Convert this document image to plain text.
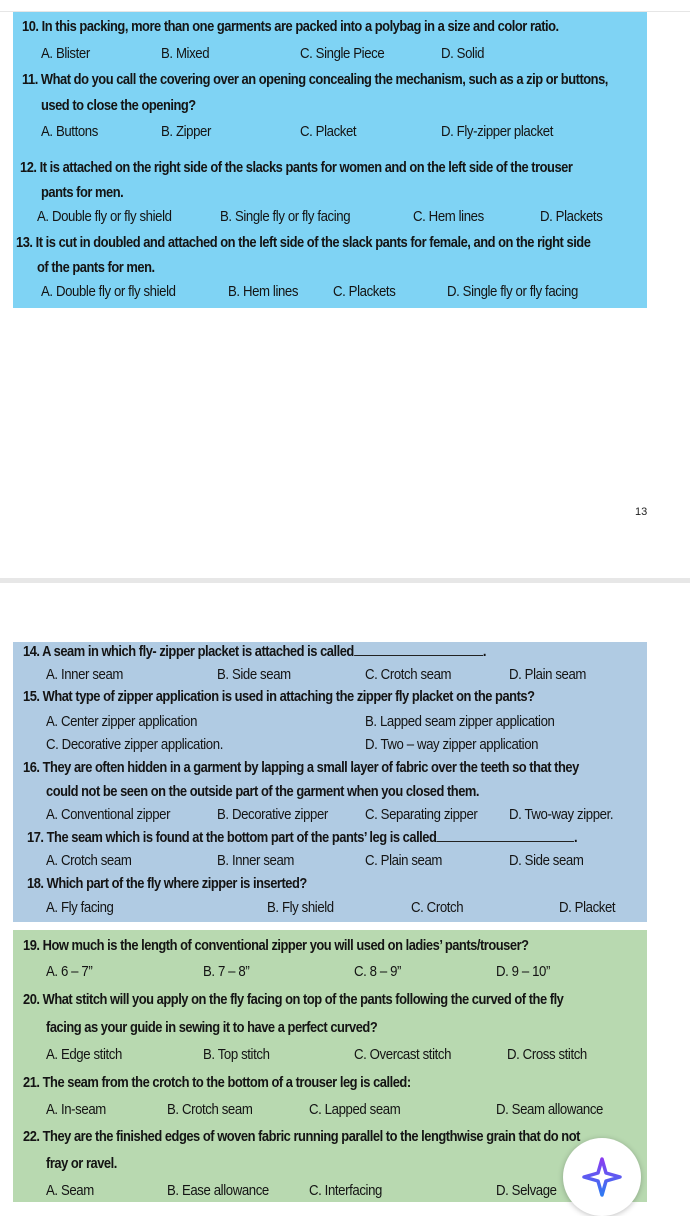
10. In this packing, more than one garments are packed into a polybag in a size and color ratio.
A. Blister	B. Mixed	C. Single Piece	D. Solid
11. What do you call the covering over an opening concealing the mechanism, such as a zip or buttons,
used to close the opening?
A. Buttons	B. Zipper	C. Placket	D. Fly-zipper placket
12. It is attached on the right side of the slacks pants for women and on the left side of the trouser
pants for men.
A. Double fly or fly shield	B. Single fly or fly facing	C. Hem lines	D. Plackets
13. It is cut in doubled and attached on the left side of the slack pants for female, and on the right side
of the pants for men.
A. Double fly or fly shield	B. Hem lines C. Plackets	D. Single fly or fly facing
13
14. A seam in which fly- zipper placket is attached is called	.
A. Inner seam	B. Side seam	C. Crotch seam	D. Plain seam
15. What type of zipper application is used in attaching the zipper fly placket on the pants?
A. Center zipper application	B. Lapped seam zipper application
C. Decorative zipper application.	D. Two – way zipper application
16. They are often hidden in a garment by lapping a small layer of fabric over the teeth so that they
could not be seen on the outside part of the garment when you closed them.
A. Conventional zipper	B. Decorative zipper C. Separating zipper D. Two-way zipper.
17. The seam which is found at the bottom part of the pants’ leg is called	.
A. Crotch seam	B. Inner seam	C. Plain seam	D. Side seam
18. Which part of the fly where zipper is inserted?
A. Fly facing	B. Fly shield	C. Crotch	D. Placket
19. How much is the length of conventional zipper you will used on ladies’ pants/trouser?
A. 6 – 7”	B. 7 – 8”	C. 8 – 9”	D. 9 – 10”
20. What stitch will you apply on the fly facing on top of the pants following the curved of the fly
facing as your guide in sewing it to have a perfect curved?
A. Edge stitch	B. Top stitch	C. Overcast stitch	D. Cross stitch
21. The seam from the crotch to the bottom of a trouser leg is called:
A. In-seam	B. Crotch seam	C. Lapped seam	D. Seam allowance
22. They are the finished edges of woven fabric running parallel to the lengthwise grain that do not
fray or ravel.
A. Seam	B. Ease allowance	C. Interfacing	D. Selvage
